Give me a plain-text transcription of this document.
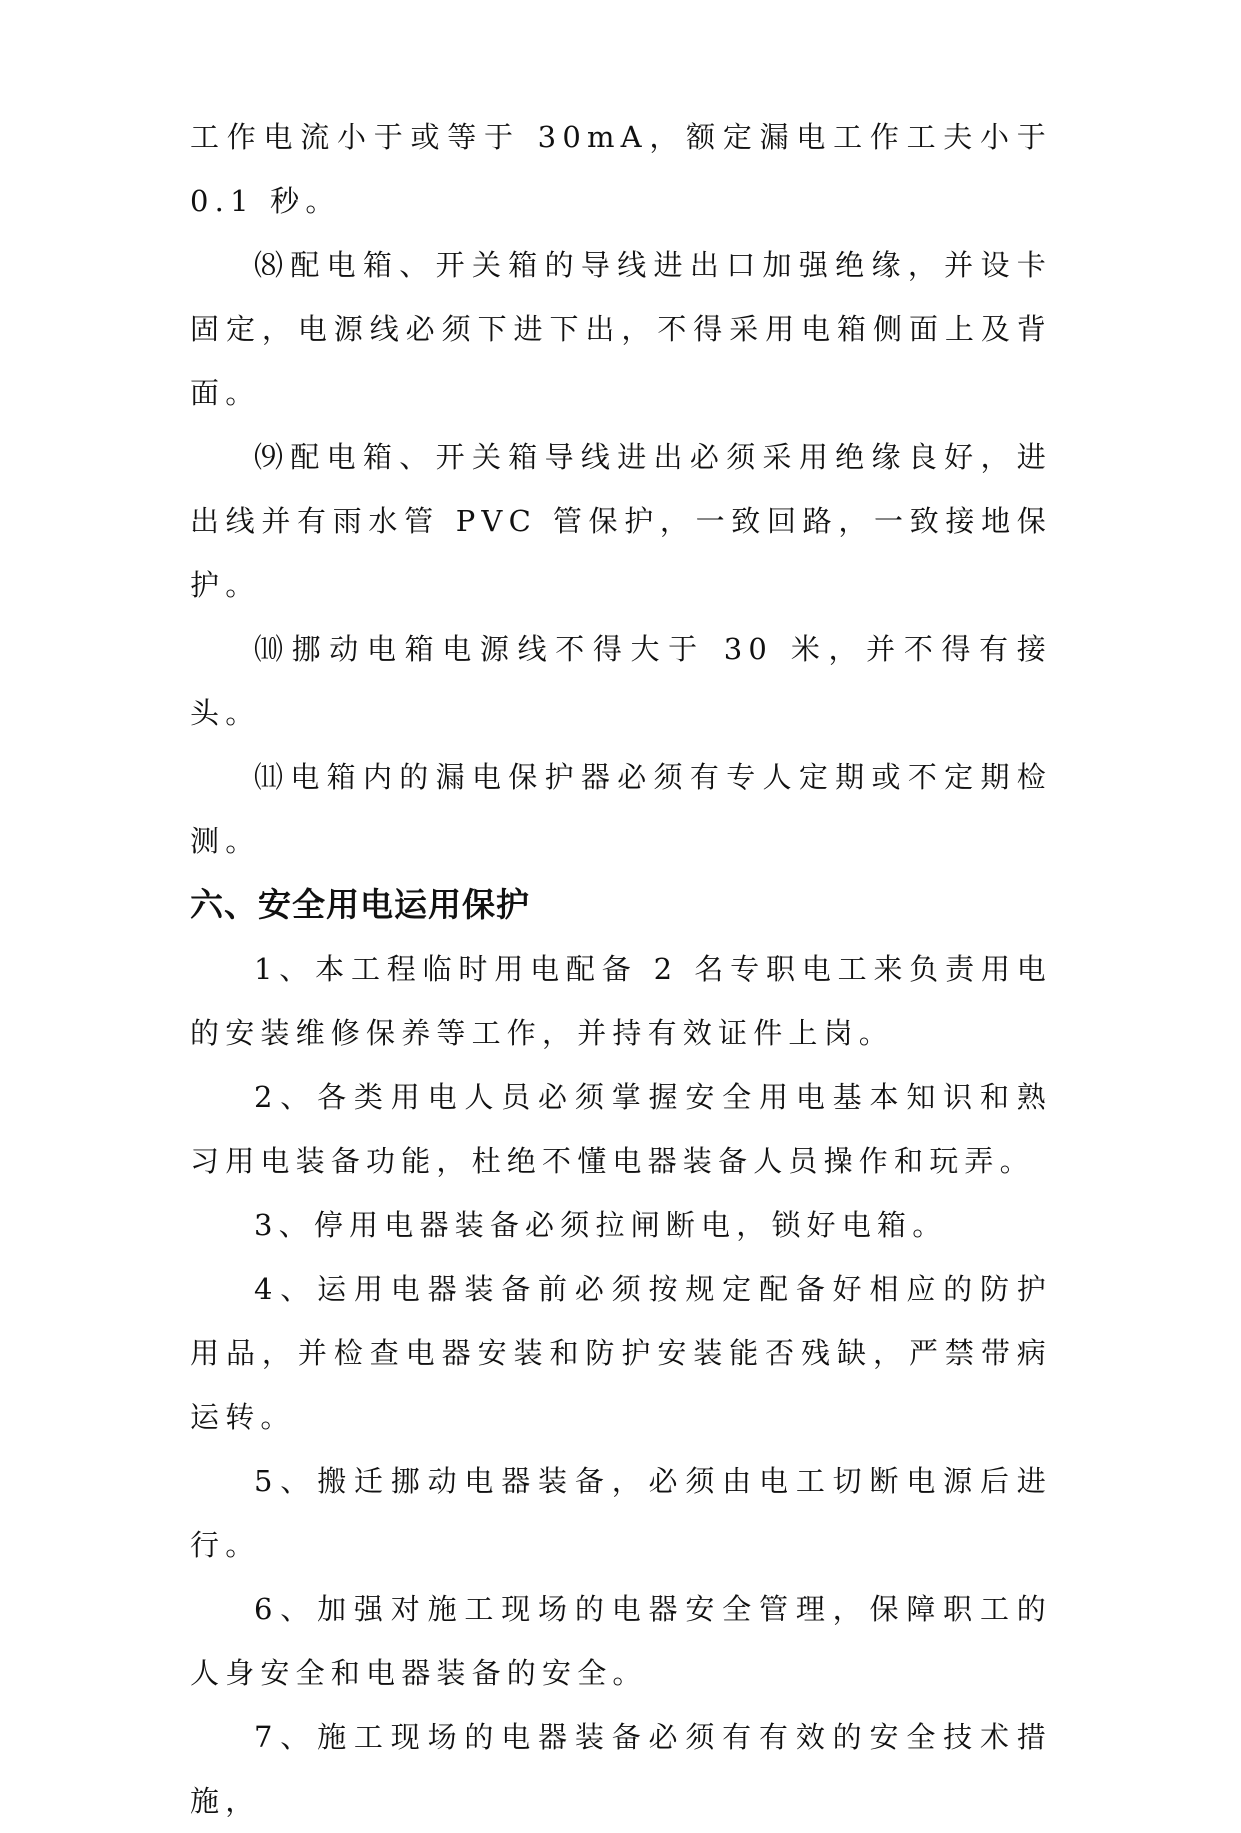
工作电流小于或等于 30mA，额定漏电工作工夫小于 0.1 秒。

⑻配电箱、开关箱的导线进出口加强绝缘，并设卡固定，电源线必须下进下出，不得采用电箱侧面上及背面。

⑼配电箱、开关箱导线进出必须采用绝缘良好，进出线并有雨水管 PVC 管保护，一致回路，一致接地保护。

⑽挪动电箱电源线不得大于 30 米，并不得有接头。

⑾电箱内的漏电保护器必须有专人定期或不定期检测。

六、安全用电运用保护

1、本工程临时用电配备 2 名专职电工来负责用电的安装维修保养等工作，并持有效证件上岗。

2、各类用电人员必须掌握安全用电基本知识和熟习用电装备功能，杜绝不懂电器装备人员操作和玩弄。

3、停用电器装备必须拉闸断电，锁好电箱。

4、运用电器装备前必须按规定配备好相应的防护用品，并检查电器安装和防护安装能否残缺，严禁带病运转。

5、搬迁挪动电器装备，必须由电工切断电源后进行。

6、加强对施工现场的电器安全管理，保障职工的人身安全和电器装备的安全。

7、施工现场的电器装备必须有有效的安全技术措施，
